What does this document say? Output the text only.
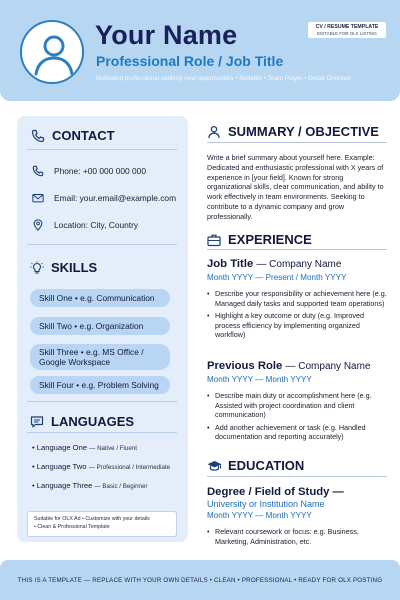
Your Name
Professional Role / Job Title
Motivated professional seeking new opportunities • Reliable • Team Player • Detail-Oriented
CV / RESUME TEMPLATE
EDITABLE FOR OLX LISTING
CONTACT
Phone: +00 000 000 000
Email: your.email@example.com
Location: City, Country
SKILLS
Skill One • e.g. Communication
Skill Two • e.g. Organization
Skill Three • e.g. MS Office / Google Workspace
Skill Four • e.g. Problem Solving
LANGUAGES
• Language One — Native / Fluent
• Language Two — Professional / Intermediate
• Language Three — Basic / Beginner
Suitable for OLX Ad • Customize with your details
• Clean & Professional Template
SUMMARY / OBJECTIVE
Write a brief summary about yourself here. Example: Dedicated and enthusiastic professional with X years of experience in [your field]. Known for strong organizational skills, clear communication, and ability to work effectively in team environments. Seeking to contribute to a dynamic company and grow professionally.
EXPERIENCE
Job Title — Company Name
Month YYYY — Present / Month YYYY
• Describe your responsibility or achievement here (e.g. Managed daily tasks and supported team operations)
• Highlight a key outcome or duty (e.g. Improved process efficiency by implementing organized workflow)
Previous Role — Company Name
Month YYYY — Month YYYY
• Describe main duty or accomplishment here (e.g. Assisted with project coordination and client communication)
• Add another achievement or task (e.g. Handled documentation and reporting accurately)
EDUCATION
Degree / Field of Study —
University or Institution Name
Month YYYY — Month YYYY
• Relevant coursework or focus: e.g. Business, Marketing, Administration, etc.
THIS IS A TEMPLATE — REPLACE WITH YOUR OWN DETAILS • CLEAN • PROFESSIONAL • READY FOR OLX POSTING
